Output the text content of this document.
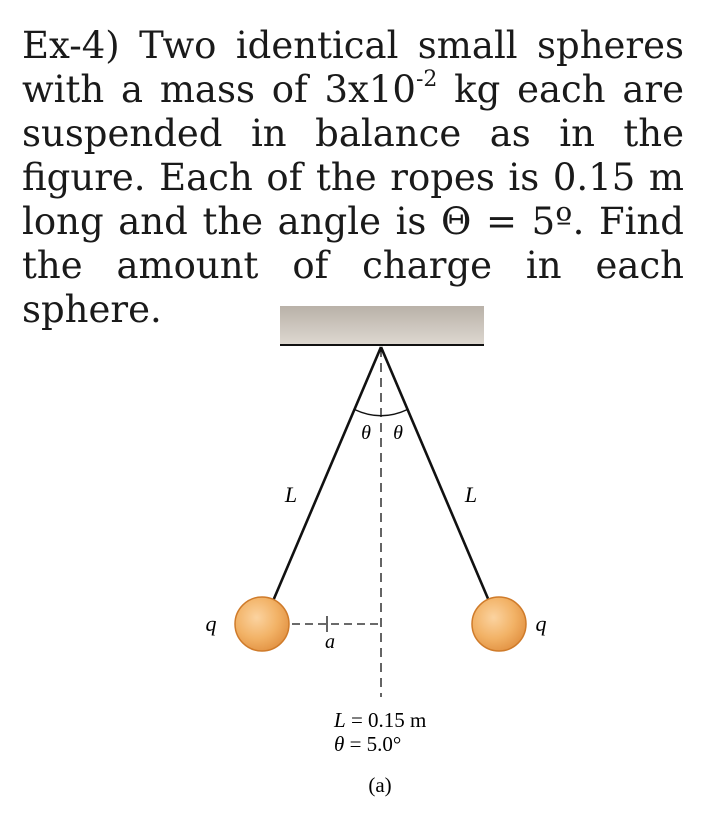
Ex-4) Two identical small spheres with a mass of $3x10^{-2}$ kg each are suspended in balance as in the figure. Each of the ropes is 0.15 m long and the angle is Θ = 5º. Find the amount of charge in each sphere.
θ θ
L	L
q	q
a
L = 0.15 m
θ = 5.0°
(a)
